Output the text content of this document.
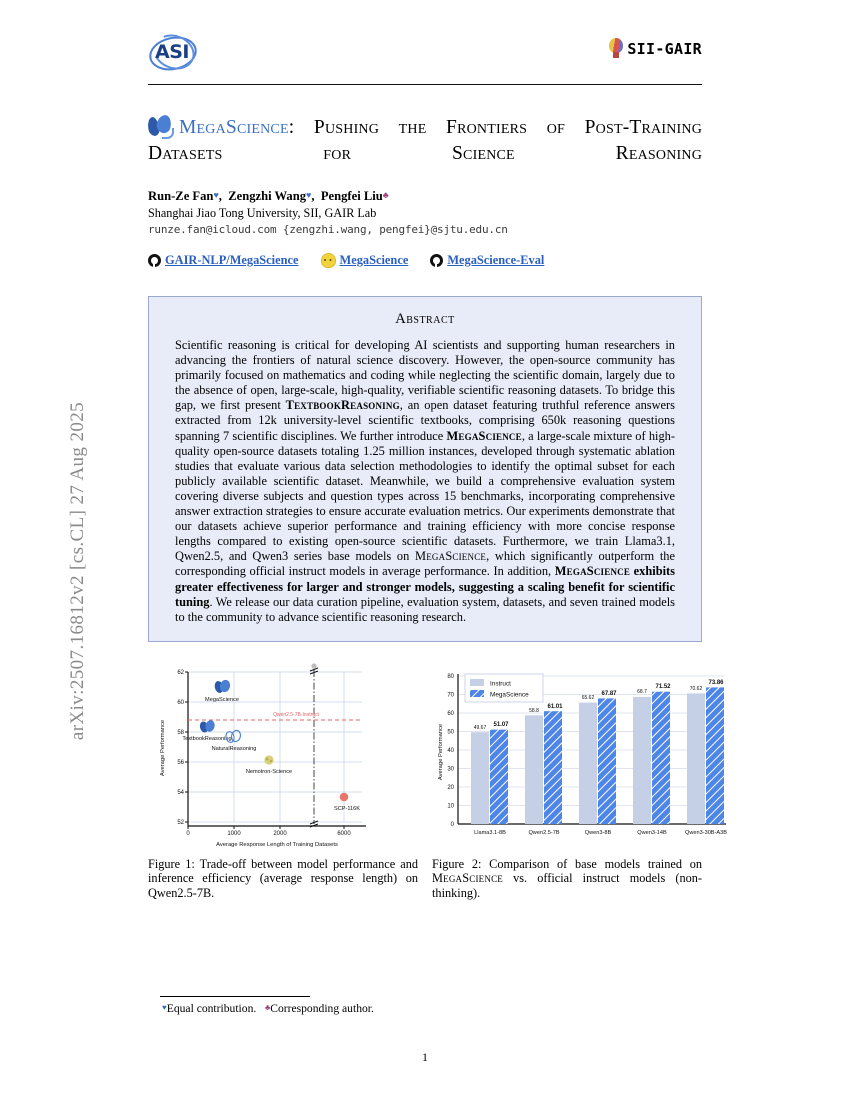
arXiv:2507.16812v2 [cs.CL] 27 Aug 2025
ASI	SII-GAIR
MegaScience: Pushing the Frontiers of Post-Training Datasets for Science Reasoning
Run-Ze Fan♥,  Zengzhi Wang♥,  Pengfei Liu♣
Shanghai Jiao Tong University, SII, GAIR Lab
runze.fan@icloud.com {zengzhi.wang, pengfei}@sjtu.edu.cn
GAIR-NLP/MegaScience	MegaScience	MegaScience-Eval
Abstract
Scientific reasoning is critical for developing AI scientists and supporting human researchers in advancing the frontiers of natural science discovery. However, the open-source community has primarily focused on mathematics and coding while neglecting the scientific domain, largely due to the absence of open, large-scale, high-quality, verifiable scientific reasoning datasets. To bridge this gap, we first present TextbookReasoning, an open dataset featuring truthful reference answers extracted from 12k university-level scientific textbooks, comprising 650k reasoning questions spanning 7 scientific disciplines. We further introduce MegaScience, a large-scale mixture of high-quality open-source datasets totaling 1.25 million instances, developed through systematic ablation studies that evaluate various data selection methodologies to identify the optimal subset for each publicly available scientific dataset. Meanwhile, we build a comprehensive evaluation system covering diverse subjects and question types across 15 benchmarks, incorporating comprehensive answer extraction strategies to ensure accurate evaluation metrics. Our experiments demonstrate that our datasets achieve superior performance and training efficiency with more concise response lengths compared to existing open-source scientific datasets. Furthermore, we train Llama3.1, Qwen2.5, and Qwen3 series base models on MegaScience, which significantly outperform the corresponding official instruct models in average performance. In addition, MegaScience exhibits greater effectiveness for larger and stronger models, suggesting a scaling benefit for scientific tuning. We release our data curation pipeline, evaluation system, datasets, and seven trained models to the community to advance scientific reasoning research.
62
60
58
56
54
52
0	1000	2000	6000
Qwen2.5-7B-Instruct
MegaScience
TextbookReasoning
NaturalReasoning
Nemotron-Science
SCP-116K
Average Response Length of Training Datasets
Average Performance
Figure 1: Trade-off between model performance and inference efficiency (average response length) on Qwen2.5-7B.
80
70
60
50
40
30
20
10
0
49.67 51.07
Llama3.1-8B
58.8
61.01
Qwen2.5-7B
65.62
67.87
Qwen3-8B
68.7
71.52
Qwen3-14B
70.62
73.86
Qwen3-30B-A3B
Instruct
MegaScience
Average Performance
Figure 2: Comparison of base models trained on MegaScience vs. official instruct models (non-thinking).
♥Equal contribution. ♣Corresponding author.
1
